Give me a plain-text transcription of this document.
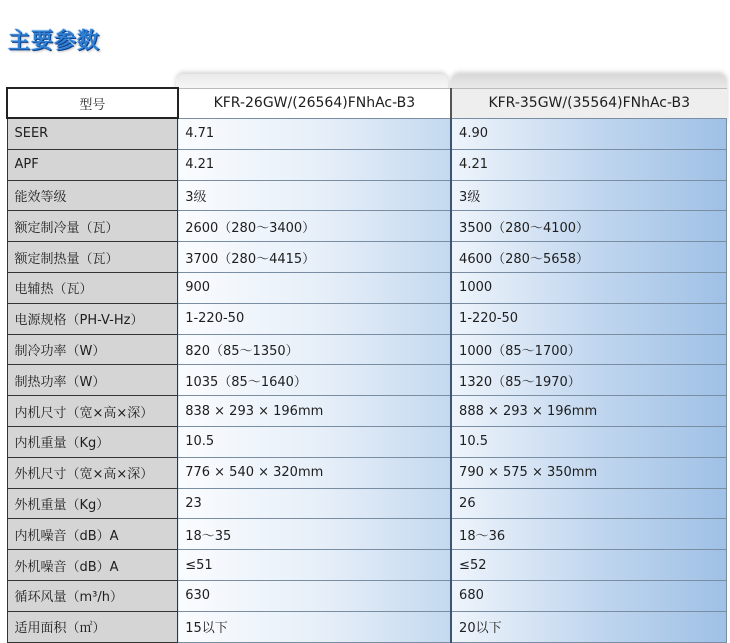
主要参数
型号	KFR-26GW/(26564)FNhAc-B3	KFR-35GW/(35564)FNhAc-B3
SEER	4.71	4.90
APF	4.21	4.21
能效等级	3级	3级
额定制冷量（瓦）	2600（280～3400）	3500（280～4100）
额定制热量（瓦）	3700（280～4415）	4600（280～5658）
电辅热（瓦）	900	1000
电源规格（PH-V-Hz）	1-220-50	1-220-50
制冷功率（W）	820（85～1350）	1000（85～1700）
制热功率（W）	1035（85～1640）	1320（85～1970）
内机尺寸（宽×高×深）	838 × 293 × 196mm	888 × 293 × 196mm
内机重量（Kg）	10.5	10.5
外机尺寸（宽×高×深）	776 × 540 × 320mm	790 × 575 × 350mm
外机重量（Kg）	23	26
内机噪音（dB）A	18～35	18～36
外机噪音（dB）A	≤51	≤52
循环风量（m³/h）	630	680
适用面积（㎡）	15以下	20以下
